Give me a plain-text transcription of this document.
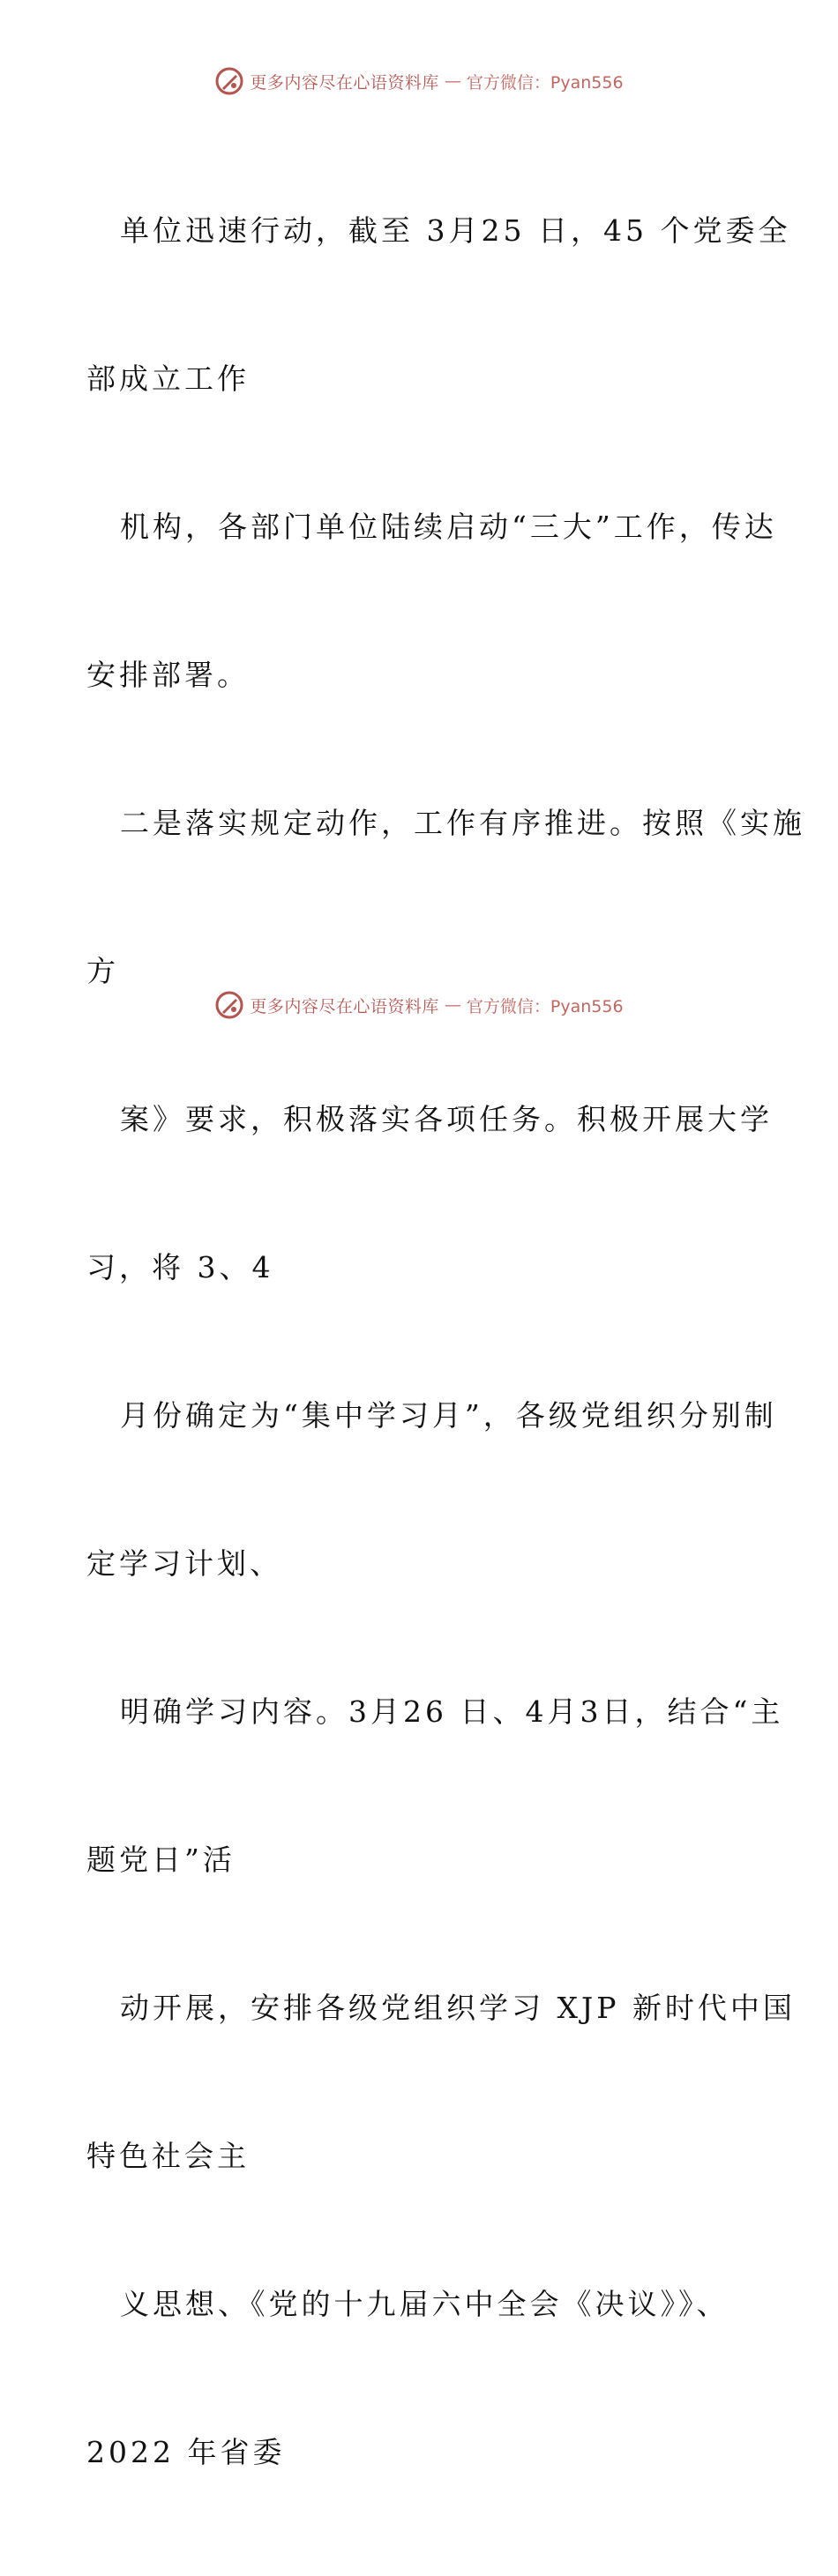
更多内容尽在心语资料库 — 官方微信：Pyan556

单位迅速行动，截至 3月25 日，45 个党委全

部成立工作

机构，各部门单位陆续启动“三大”工作，传达

安排部署。

二是落实规定动作，工作有序推进。按照《实施

方

案》要求，积极落实各项任务。积极开展大学

习，将 3、4

月份确定为“集中学习月”，各级党组织分别制

定学习计划、

明确学习内容。3月26 日、4月3日，结合“主

题党日”活

动开展，安排各级党组织学习 XJP 新时代中国

特色社会主

义思想、《党的十九届六中全会《决议》》、

2022 年省委

更多内容尽在心语资料库 — 官方微信：Pyan556
